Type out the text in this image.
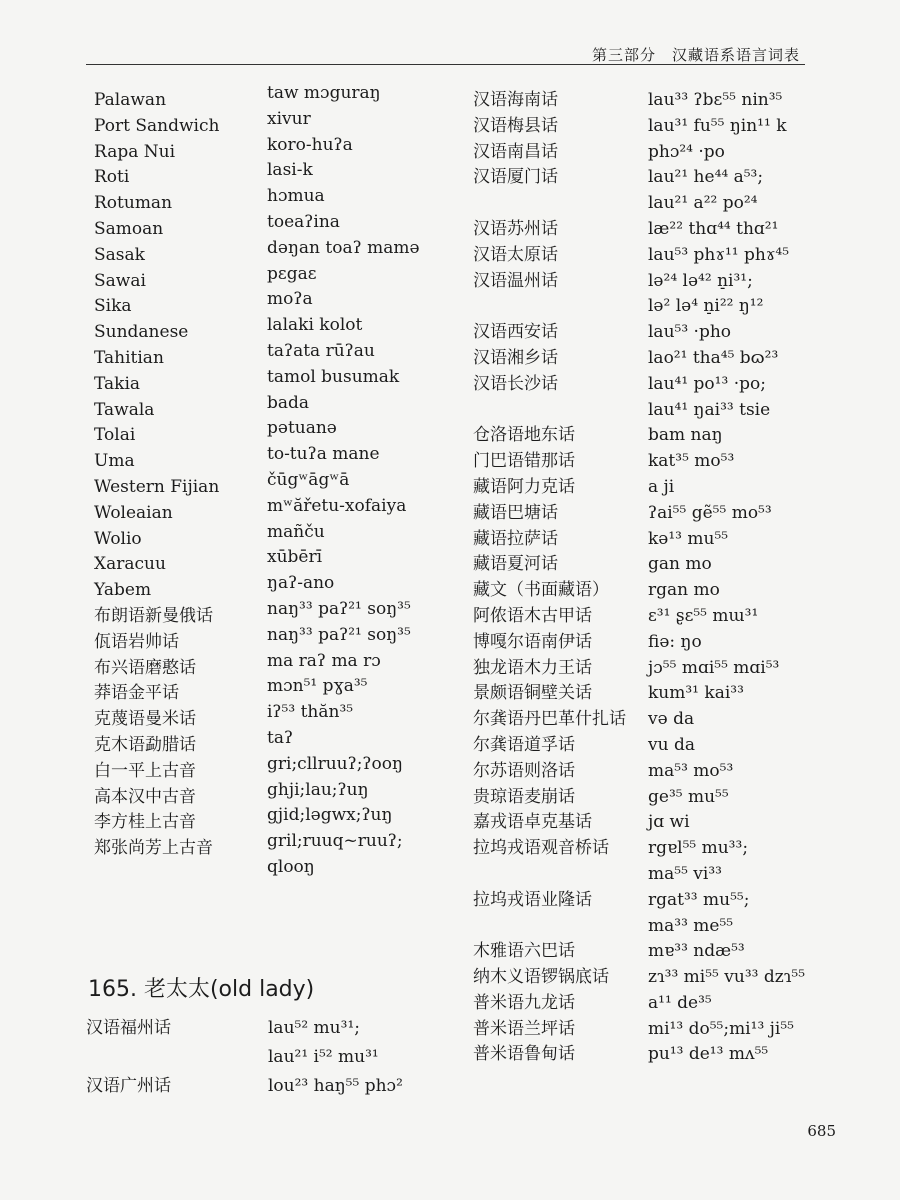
第三部分　汉藏语系语言词表
Palawan
Port Sandwich
Rapa Nui
Roti
Rotuman
Samoan
Sasak
Sawai
Sika
Sundanese
Tahitian
Takia
Tawala
Tolai
Uma
Western Fijian
Woleaian
Wolio
Xaracuu
Yabem
布朗语新曼俄话
佤语岩帅话
布兴语磨憨话
莽语金平话
克蔑语曼米话
克木语勐腊话
白一平上古音
高本汉中古音
李方桂上古音
郑张尚芳上古音
taw mɔguraŋ
xivur
koro-huʔa
lasi-k
hɔmua
toeaʔina
dəŋan toaʔ mamə
pɛgaɛ
moʔa
lalaki kolot
taʔata rūʔau
tamol busumak
bada
pətuanə
to-tuʔa mane
čūgʷāgʷā
mʷăřetu-xofaiya
mañču
xūbērī
ŋaʔ-ano
naŋ³³ paʔ²¹ soŋ³⁵
naŋ³³ paʔ²¹ soŋ³⁵
ma raʔ ma rɔ
mɔn⁵¹ pɣa³⁵
iʔ⁵³ thăn³⁵
taʔ
gri;cllruuʔ;ʔooŋ
ghji;lau;ʔuŋ
gjid;ləgwx;ʔuŋ
gril;ruuq~ruuʔ;
qlooŋ
汉语海南话
汉语梅县话
汉语南昌话
汉语厦门话
汉语苏州话
汉语太原话
汉语温州话
汉语西安话
汉语湘乡话
汉语长沙话
仓洛语地东话
门巴语错那话
藏语阿力克话
藏语巴塘话
藏语拉萨话
藏语夏河话
藏文（书面藏语）
阿侬语木古甲话
博嘎尔语南伊话
独龙语木力王话
景颇语铜壁关话
尔龚语丹巴革什扎话
尔龚语道孚话
尔苏语则洛话
贵琼语麦崩话
嘉戎语卓克基话
拉坞戎语观音桥话
拉坞戎语业隆话
木雅语六巴话
纳木义语锣锅底话
普米语九龙话
普米语兰坪话
普米语鲁甸话
lau³³ ʔbɛ⁵⁵ nin³⁵
lau³¹ fu⁵⁵ ŋin¹¹ k
phɔ²⁴ ·po
lau²¹ he⁴⁴ a⁵³;
lau²¹ a²² po²⁴
læ²² thɑ⁴⁴ thɑ²¹
lau⁵³ phɤ¹¹ phɤ⁴⁵
lə²⁴ lə⁴² n̠i³¹;
lə² lə⁴ n̠i²² ŋ¹²
lau⁵³ ·pho
lao²¹ tha⁴⁵ bɷ²³
lau⁴¹ po¹³ ·po;
lau⁴¹ ŋai³³ tsie
bam naŋ
kat³⁵ mo⁵³
a ji
ʔai⁵⁵ gẽ⁵⁵ mo⁵³
kə¹³ mu⁵⁵
gan mo
rgan mo
ɛ³¹ ʂɛ⁵⁵ mɯ³¹
fiə: ŋo
jɔ⁵⁵ mɑi⁵⁵ mɑi⁵³
kum³¹ kai³³
və da
vu da
ma⁵³ mo⁵³
ge³⁵ mu⁵⁵
jɑ wi
rgɐl⁵⁵ mu³³;
ma⁵⁵ vi³³
rgat³³ mu⁵⁵;
ma³³ me⁵⁵
mɐ³³ ndæ⁵³
zɿ³³ mi⁵⁵ vu³³ dzɿ⁵⁵
a¹¹ de³⁵
mi¹³ do⁵⁵;mi¹³ ji⁵⁵
pu¹³ de¹³ mʌ⁵⁵
165. 老太太(old lady)
汉语福州话
汉语广州话
lau⁵² mu³¹;
lau²¹ i⁵² mu³¹
lou²³ haŋ⁵⁵ phɔ²
685
